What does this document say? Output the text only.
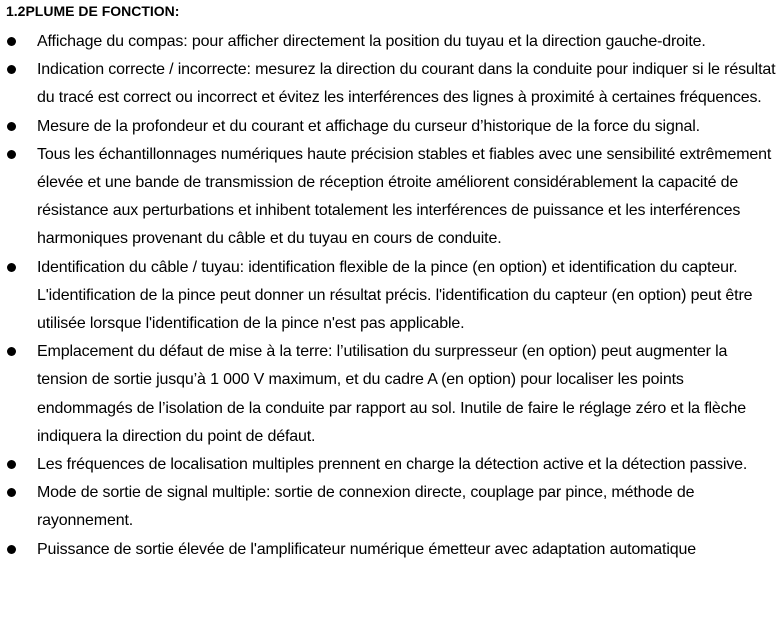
1.2PLUME DE FONCTION:
Affichage du compas: pour afficher directement la position du tuyau et la direction gauche-droite.
Indication correcte / incorrecte: mesurez la direction du courant dans la conduite pour indiquer si le résultat du tracé est correct ou incorrect et évitez les interférences des lignes à proximité à certaines fréquences.
Mesure de la profondeur et du courant et affichage du curseur d’historique de la force du signal.
Tous les échantillonnages numériques haute précision stables et fiables avec une sensibilité extrêmement élevée et une bande de transmission de réception étroite améliorent considérablement la capacité de résistance aux perturbations et inhibent totalement les interférences de puissance et les interférences harmoniques provenant du câble et du tuyau en cours de conduite.
Identification du câble / tuyau: identification flexible de la pince (en option) et identification du capteur. L'identification de la pince peut donner un résultat précis. l'identification du capteur (en option) peut être utilisée lorsque l'identification de la pince n'est pas applicable.
Emplacement du défaut de mise à la terre: l’utilisation du surpresseur (en option) peut augmenter la tension de sortie jusqu’à 1 000 V maximum, et du cadre A (en option) pour localiser les points endommagés de l’isolation de la conduite par rapport au sol. Inutile de faire le réglage zéro et la flèche indiquera la direction du point de défaut.
Les fréquences de localisation multiples prennent en charge la détection active et la détection passive.
Mode de sortie de signal multiple: sortie de connexion directe, couplage par pince, méthode de rayonnement.
Puissance de sortie élevée de l'amplificateur numérique émetteur avec adaptation automatique
